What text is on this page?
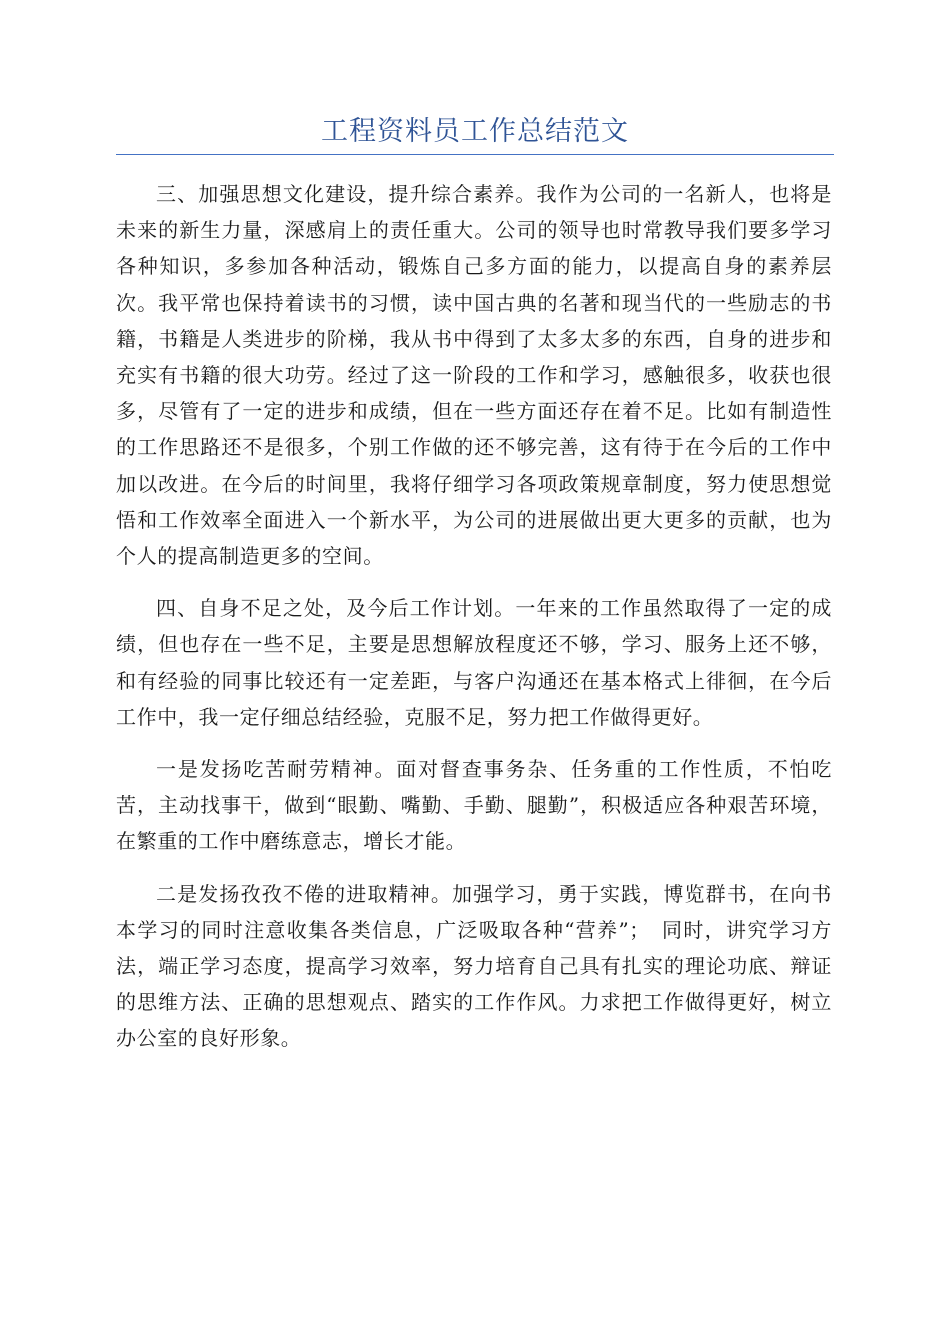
工程资料员工作总结范文

三、加强思想文化建设，提升综合素养。我作为公司的一名新人，也将是未来的新生力量，深感肩上的责任重大。公司的领导也时常教导我们要多学习各种知识，多参加各种活动，锻炼自己多方面的能力，以提高自身的素养层次。我平常也保持着读书的习惯，读中国古典的名著和现当代的一些励志的书籍，书籍是人类进步的阶梯，我从书中得到了太多太多的东西，自身的进步和充实有书籍的很大功劳。经过了这一阶段的工作和学习，感触很多，收获也很多，尽管有了一定的进步和成绩，但在一些方面还存在着不足。比如有制造性的工作思路还不是很多，个别工作做的还不够完善，这有待于在今后的工作中加以改进。在今后的时间里，我将仔细学习各项政策规章制度，努力使思想觉悟和工作效率全面进入一个新水平，为公司的进展做出更大更多的贡献，也为个人的提高制造更多的空间。

四、自身不足之处，及今后工作计划。一年来的工作虽然取得了一定的成绩，但也存在一些不足，主要是思想解放程度还不够，学习、服务上还不够，和有经验的同事比较还有一定差距，与客户沟通还在基本格式上徘徊，在今后工作中，我一定仔细总结经验，克服不足，努力把工作做得更好。

一是发扬吃苦耐劳精神。面对督查事务杂、任务重的工作性质，不怕吃苦，主动找事干，做到“眼勤、嘴勤、手勤、腿勤”，积极适应各种艰苦环境，在繁重的工作中磨练意志，增长才能。

二是发扬孜孜不倦的进取精神。加强学习，勇于实践，博览群书，在向书本学习的同时注意收集各类信息，广泛吸取各种“营养”；　同时，讲究学习方法，端正学习态度，提高学习效率，努力培育自己具有扎实的理论功底、辩证的思维方法、正确的思想观点、踏实的工作作风。力求把工作做得更好，树立办公室的良好形象。
